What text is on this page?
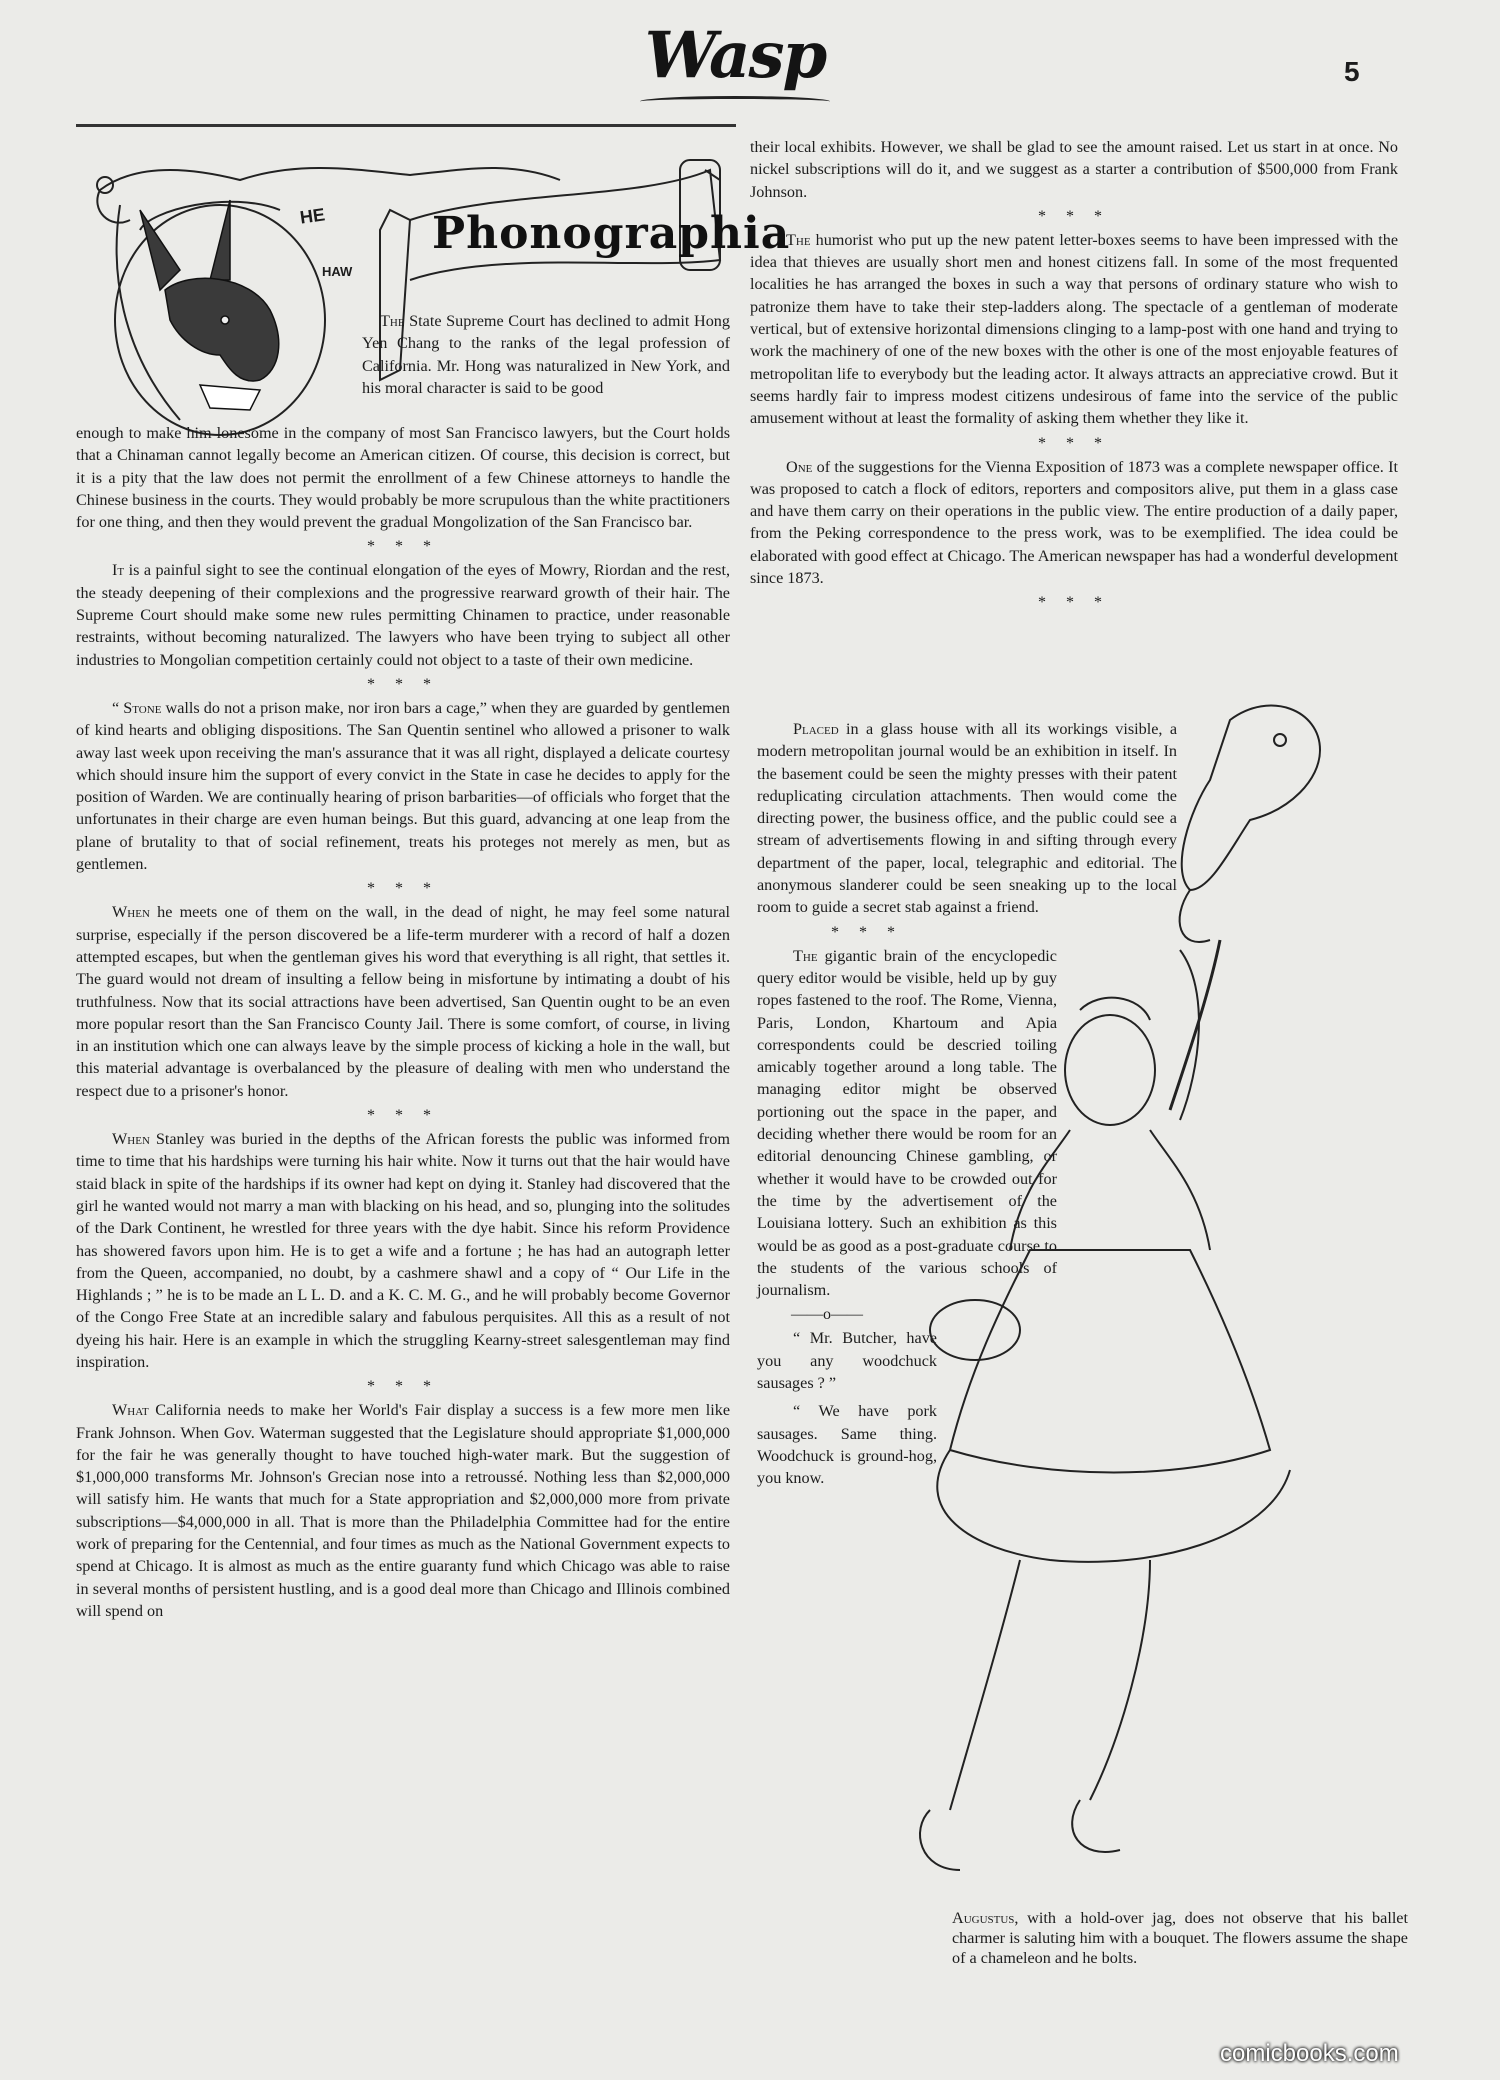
Wasp	5
HE
HAW
Phonographia

The State Supreme Court has declined to admit Hong Yen Chang to the ranks of the legal profession of California. Mr. Hong was naturalized in New York, and his moral character is said to be good

enough to make him lonesome in the company of most San Francisco lawyers, but the Court holds that a Chinaman cannot legally become an American citizen. Of course, this decision is correct, but it is a pity that the law does not permit the enrollment of a few Chinese attorneys to handle the Chinese business in the courts. They would probably be more scrupulous than the white practitioners for one thing, and then they would prevent the gradual Mongolization of the San Francisco bar.

* * *

It is a painful sight to see the continual elongation of the eyes of Mowry, Riordan and the rest, the steady deepening of their complexions and the progressive rearward growth of their hair. The Supreme Court should make some new rules permitting Chinamen to practice, under reasonable restraints, without becoming naturalized. The lawyers who have been trying to subject all other industries to Mongolian competition certainly could not object to a taste of their own medicine.

* * *

“ Stone walls do not a prison make, nor iron bars a cage,” when they are guarded by gentlemen of kind hearts and obliging dispositions. The San Quentin sentinel who allowed a prisoner to walk away last week upon receiving the man's assurance that it was all right, displayed a delicate courtesy which should insure him the support of every convict in the State in case he decides to apply for the position of Warden. We are continually hearing of prison barbarities—of officials who forget that the unfortunates in their charge are even human beings. But this guard, advancing at one leap from the plane of brutality to that of social refinement, treats his proteges not merely as men, but as gentlemen.

* * *

When he meets one of them on the wall, in the dead of night, he may feel some natural surprise, especially if the person discovered be a life-term murderer with a record of half a dozen attempted escapes, but when the gentleman gives his word that everything is all right, that settles it. The guard would not dream of insulting a fellow being in misfortune by intimating a doubt of his truthfulness. Now that its social attractions have been advertised, San Quentin ought to be an even more popular resort than the San Francisco County Jail. There is some comfort, of course, in living in an institution which one can always leave by the simple process of kicking a hole in the wall, but this material advantage is overbalanced by the pleasure of dealing with men who understand the respect due to a prisoner's honor.

* * *

When Stanley was buried in the depths of the African forests the public was informed from time to time that his hardships were turning his hair white. Now it turns out that the hair would have staid black in spite of the hardships if its owner had kept on dying it. Stanley had discovered that the girl he wanted would not marry a man with blacking on his head, and so, plunging into the solitudes of the Dark Continent, he wrestled for three years with the dye habit. Since his reform Providence has showered favors upon him. He is to get a wife and a fortune ; he has had an autograph letter from the Queen, accompanied, no doubt, by a cashmere shawl and a copy of “ Our Life in the Highlands ; ” he is to be made an L L. D. and a K. C. M. G., and he will probably become Governor of the Congo Free State at an incredible salary and fabulous perquisites. All this as a result of not dyeing his hair. Here is an example in which the struggling Kearny-street salesgentleman may find inspiration.

* * *

What California needs to make her World's Fair display a success is a few more men like Frank Johnson. When Gov. Waterman suggested that the Legislature should appropriate $1,000,000 for the fair he was generally thought to have touched high-water mark. But the suggestion of $1,000,000 transforms Mr. Johnson's Grecian nose into a retroussé. Nothing less than $2,000,000 will satisfy him. He wants that much for a State appropriation and $2,000,000 more from private subscriptions—$4,000,000 in all. That is more than the Philadelphia Committee had for the entire work of preparing for the Centennial, and four times as much as the National Government expects to spend at Chicago. It is almost as much as the entire guaranty fund which Chicago was able to raise in several months of persistent hustling, and is a good deal more than Chicago and Illinois combined will spend on

their local exhibits. However, we shall be glad to see the amount raised. Let us start in at once. No nickel subscriptions will do it, and we suggest as a starter a contribution of $500,000 from Frank Johnson.

* * *

The humorist who put up the new patent letter-boxes seems to have been impressed with the idea that thieves are usually short men and honest citizens fall. In some of the most frequented localities he has arranged the boxes in such a way that persons of ordinary stature who wish to patronize them have to take their step-ladders along. The spectacle of a gentleman of moderate vertical, but of extensive horizontal dimensions clinging to a lamp-post with one hand and trying to work the machinery of one of the new boxes with the other is one of the most enjoyable features of metropolitan life to everybody but the leading actor. It always attracts an appreciative crowd. But it seems hardly fair to impress modest citizens undesirous of fame into the service of the public amusement without at least the formality of asking them whether they like it.

* * *

One of the suggestions for the Vienna Exposition of 1873 was a complete newspaper office. It was proposed to catch a flock of editors, reporters and compositors alive, put them in a glass case and have them carry on their operations in the public view. The entire production of a daily paper, from the Peking correspondence to the press work, was to be exemplified. The idea could be elaborated with good effect at Chicago. The American newspaper has had a wonderful development since 1873.

* * *

Placed in a glass house with all its workings visible, a modern metropolitan journal would be an exhibition in itself. In the basement could be seen the mighty presses with their patent reduplicating circulation attachments. Then would come the directing power, the business office, and the public could see a stream of advertisements flowing in and sifting through every department of the paper, local, telegraphic and editorial. The anonymous slanderer could be seen sneaking up to the local room to guide a secret stab against a friend.

* * *

The gigantic brain of the encyclopedic query editor would be visible, held up by guy ropes fastened to the roof. The Rome, Vienna, Paris, London, Khartoum and Apia correspondents could be descried toiling amicably together around a long table. The managing editor might be observed portioning out the space in the paper, and deciding whether there would be room for an editorial denouncing Chinese gambling, or whether it would have to be crowded out for the time by the advertisement of the Louisiana lottery. Such an exhibition as this would be as good as a post-graduate course to the students of the various schools of journalism.

——o——

“ Mr. Butcher, have you any woodchuck sausages ? ”

“ We have pork sausages. Same thing. Woodchuck is ground-hog, you know.

Augustus, with a hold-over jag, does not observe that his ballet charmer is saluting him with a bouquet. The flowers assume the shape of a chameleon and he bolts.
comicbooks.com
